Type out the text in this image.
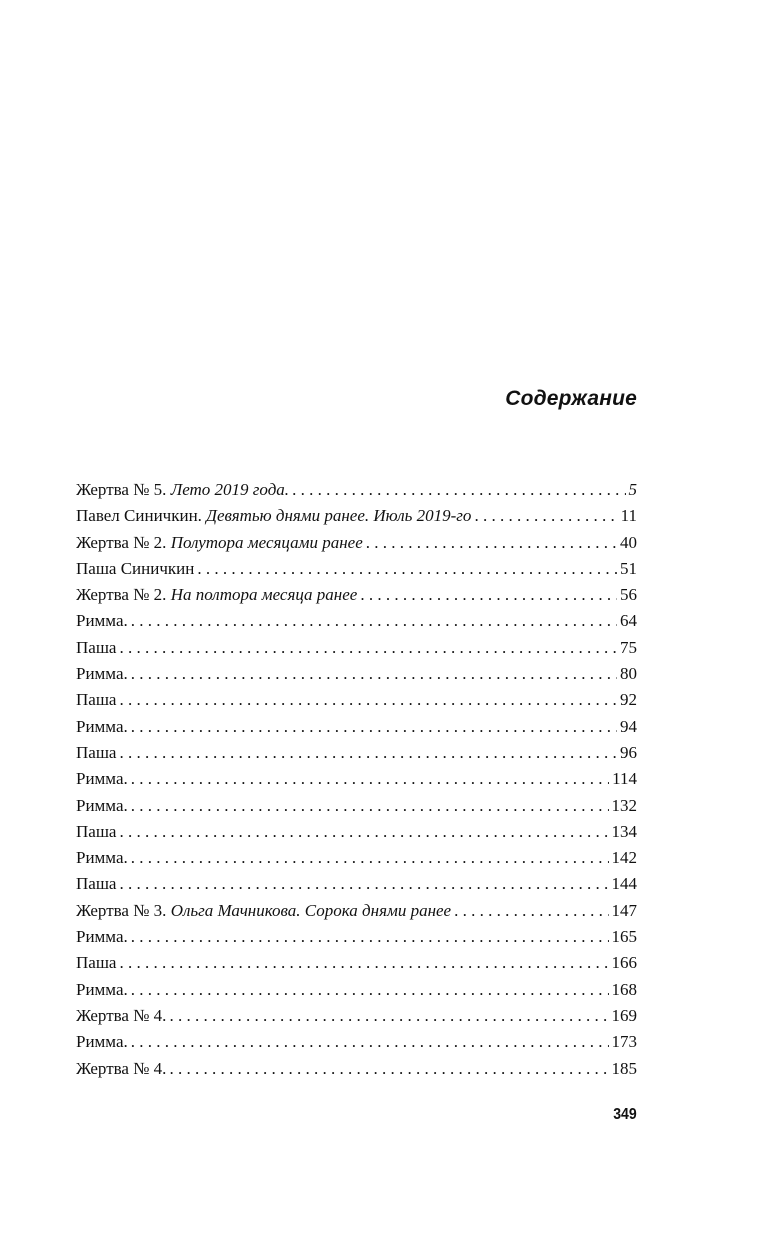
Содержание
Жертва № 5. Лето 2019 года. . . .	5
Павел Синичкин. Девятью днями ранее. Июль 2019-го . . .	11
Жертва № 2. Полутора месяцами ранее . . .	40
Паша Синичкин . . .	51
Жертва № 2. На полтора месяца ранее . . .	56
Римма. . . .	64
Паша . . .	75
Римма. . . .	80
Паша . . .	92
Римма. . . .	94
Паша . . .	96
Римма. . . .	114
Римма. . . .	132
Паша . . .	134
Римма. . . .	142
Паша . . .	144
Жертва № 3. Ольга Мачникова. Сорока днями ранее . . .	147
Римма. . . .	165
Паша . . .	166
Римма. . . .	168
Жертва № 4. . . .	169
Римма. . . .	173
Жертва № 4. . . .	185
349
